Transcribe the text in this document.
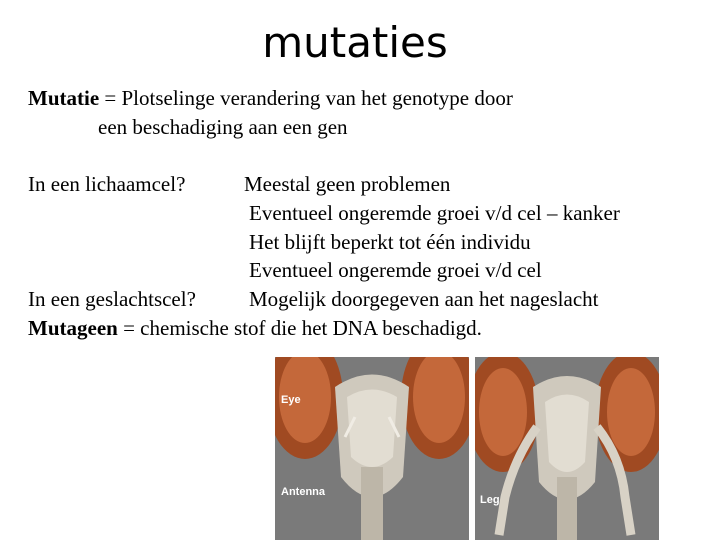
mutaties
Mutatie = Plotselinge verandering van het genotype door
een beschadiging aan een gen
In een lichaamcel?	Meestal geen problemen
Eventueel ongeremde groei v/d cel – kanker
Het blijft beperkt tot één individu
Eventueel ongeremde groei v/d cel
In een geslachtscel?	Mogelijk doorgegeven aan het nageslacht
Mutageen = chemische stof die het DNA beschadigd.
Eye
Antenna
Leg
